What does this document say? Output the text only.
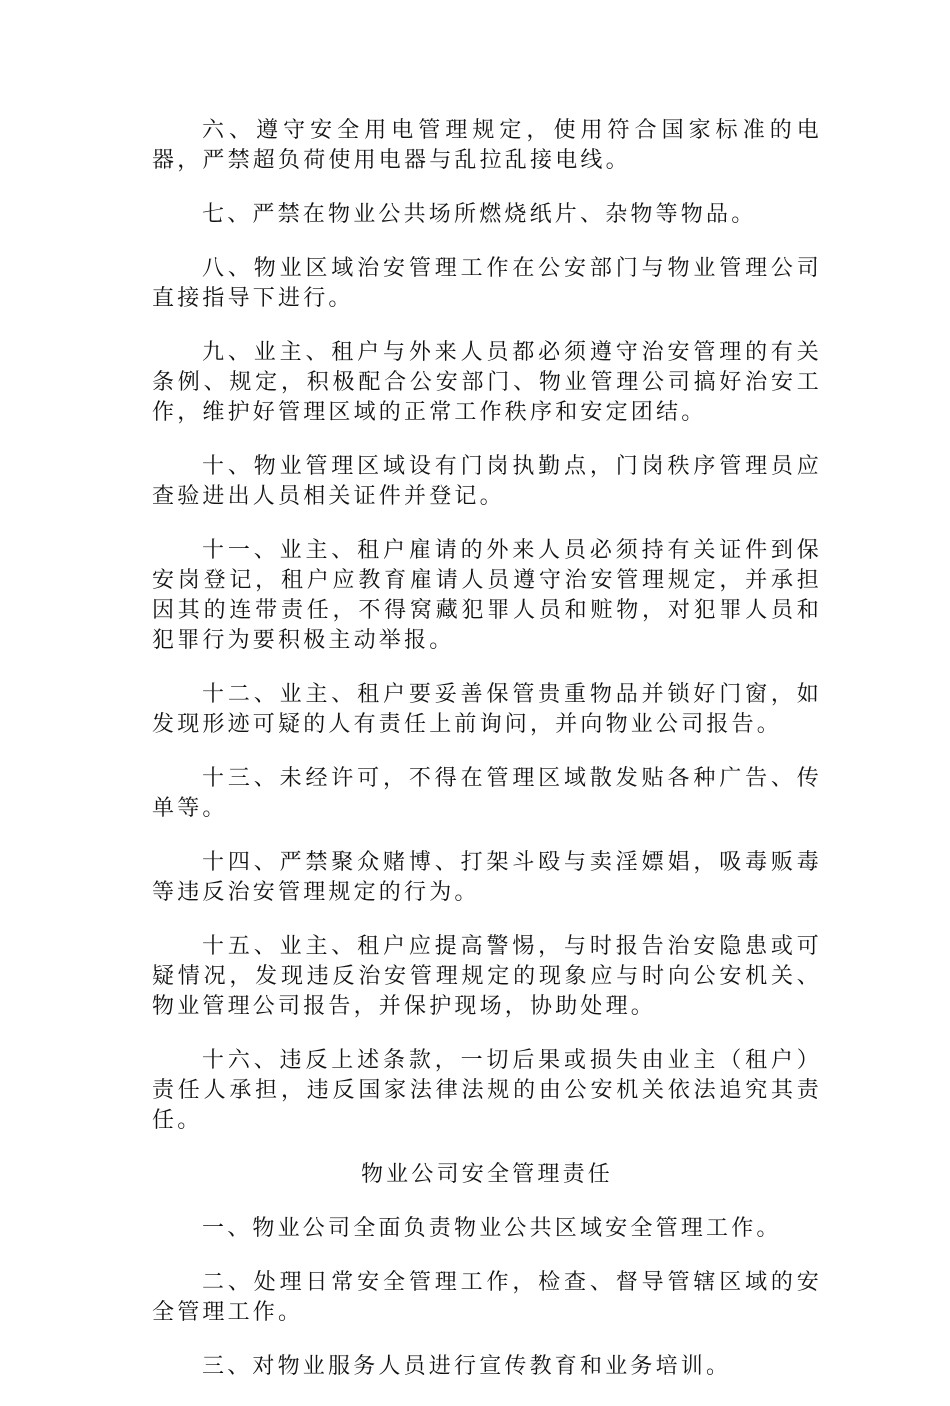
六、遵守安全用电管理规定，使用符合国家标准的电器，严禁超负荷使用电器与乱拉乱接电线。

七、严禁在物业公共场所燃烧纸片、杂物等物品。

八、物业区域治安管理工作在公安部门与物业管理公司直接指导下进行。

九、业主、租户与外来人员都必须遵守治安管理的有关条例、规定，积极配合公安部门、物业管理公司搞好治安工作，维护好管理区域的正常工作秩序和安定团结。

十、物业管理区域设有门岗执勤点，门岗秩序管理员应查验进出人员相关证件并登记。

十一、业主、租户雇请的外来人员必须持有关证件到保安岗登记，租户应教育雇请人员遵守治安管理规定，并承担因其的连带责任，不得窝藏犯罪人员和赃物，对犯罪人员和犯罪行为要积极主动举报。

十二、业主、租户要妥善保管贵重物品并锁好门窗，如发现形迹可疑的人有责任上前询问，并向物业公司报告。

十三、未经许可，不得在管理区域散发贴各种广告、传单等。

十四、严禁聚众赌博、打架斗殴与卖淫嫖娼，吸毒贩毒等违反治安管理规定的行为。

十五、业主、租户应提高警惕，与时报告治安隐患或可疑情况，发现违反治安管理规定的现象应与时向公安机关、物业管理公司报告，并保护现场，协助处理。

十六、违反上述条款，一切后果或损失由业主（租户）责任人承担，违反国家法律法规的由公安机关依法追究其责任。

物业公司安全管理责任

一、物业公司全面负责物业公共区域安全管理工作。

二、处理日常安全管理工作，检查、督导管辖区域的安全管理工作。

三、对物业服务人员进行宣传教育和业务培训。
